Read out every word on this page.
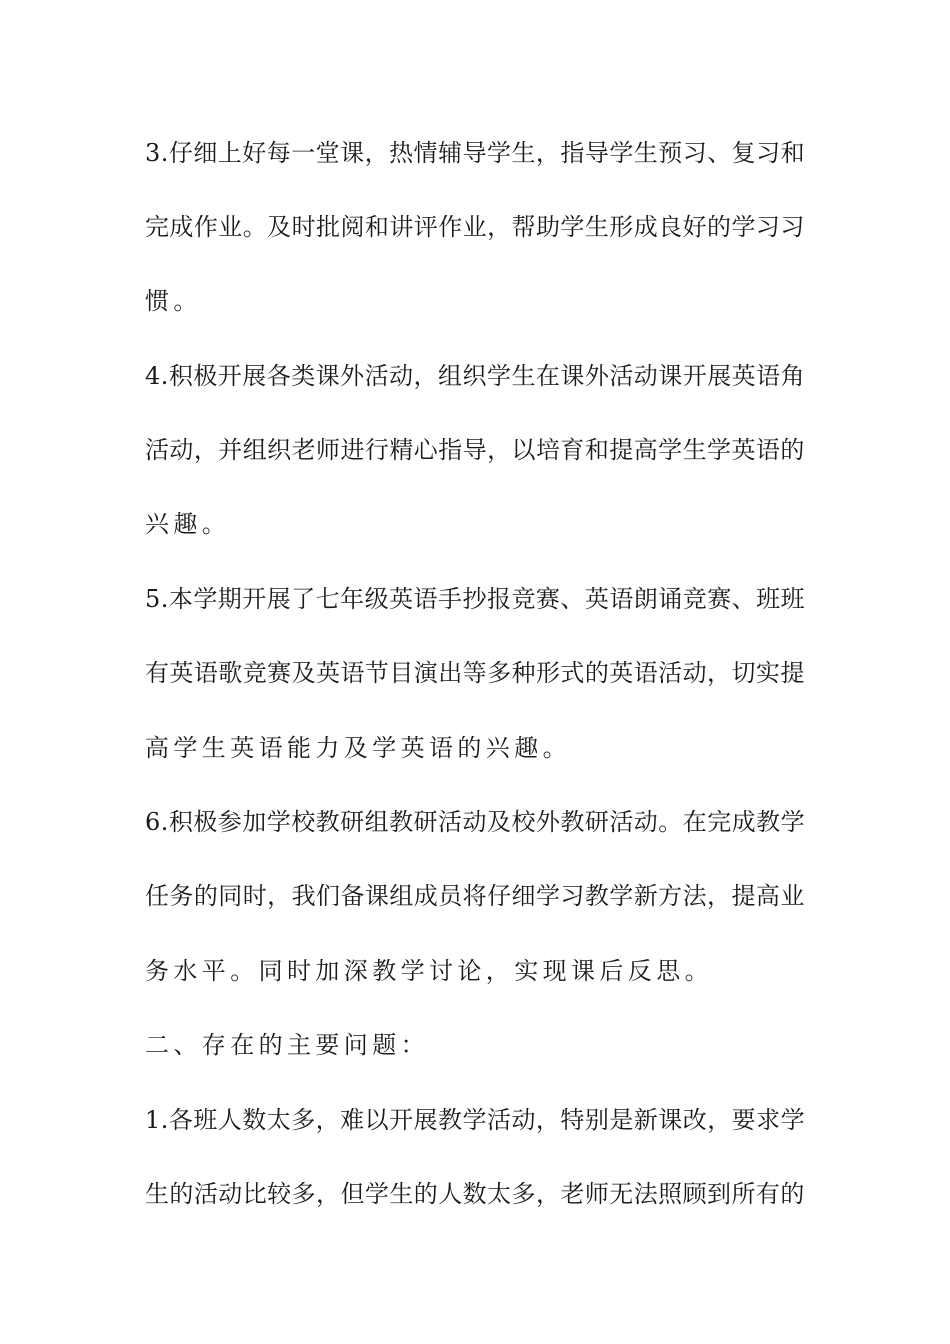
3.仔细上好每一堂课，热情辅导学生，指导学生预习、复习和
完成作业。及时批阅和讲评作业，帮助学生形成良好的学习习
惯。
4.积极开展各类课外活动，组织学生在课外活动课开展英语角
活动，并组织老师进行精心指导，以培育和提高学生学英语的
兴趣。
5.本学期开展了七年级英语手抄报竞赛、英语朗诵竞赛、班班
有英语歌竞赛及英语节目演出等多种形式的英语活动，切实提
高学生英语能力及学英语的兴趣。
6.积极参加学校教研组教研活动及校外教研活动。在完成教学
任务的同时，我们备课组成员将仔细学习教学新方法，提高业
务水平。同时加深教学讨论，实现课后反思。
二、存在的主要问题：
1.各班人数太多，难以开展教学活动，特别是新课改，要求学
生的活动比较多，但学生的人数太多，老师无法照顾到所有的
